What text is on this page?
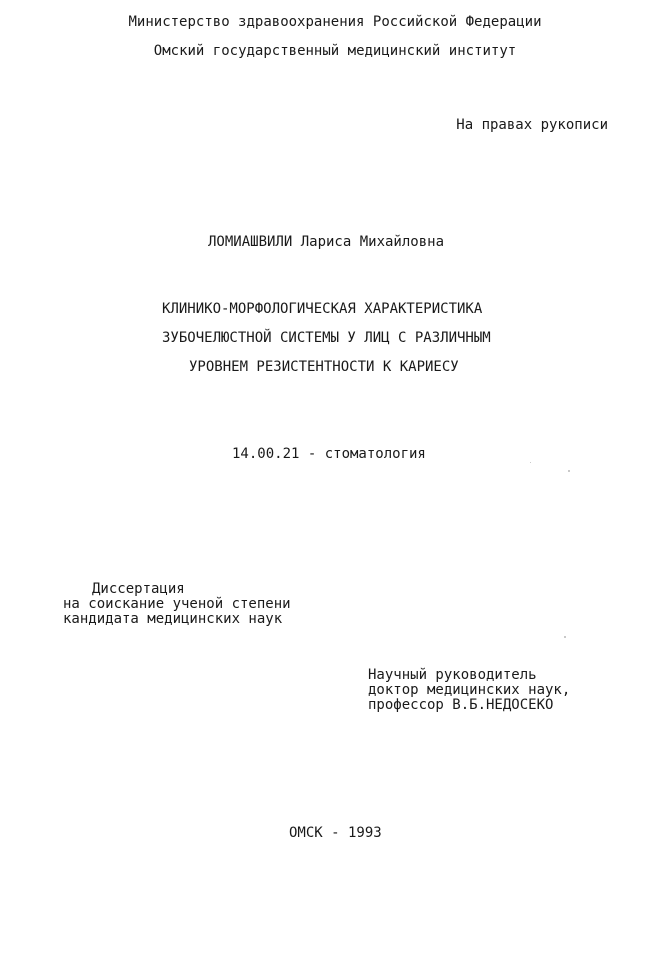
Министерство здравоохранения Российской Федерации
Омский государственный медицинский институт
На правах рукописи
ЛОМИАШВИЛИ Лариса Михайловна
КЛИНИКО-МОРФОЛОГИЧЕСКАЯ ХАРАКТЕРИСТИКА
ЗУБОЧЕЛЮСТНОЙ СИСТЕМЫ У ЛИЦ С РАЗЛИЧНЫМ
УРОВНЕМ РЕЗИСТЕНТНОСТИ К КАРИЕСУ
14.00.21 - стоматология
Диссертация
на соискание ученой степени
кандидата медицинских наук
Научный руководитель
доктор медицинских наук,
профессор В.Б.НЕДОСЕКО
ОМСК - 1993
